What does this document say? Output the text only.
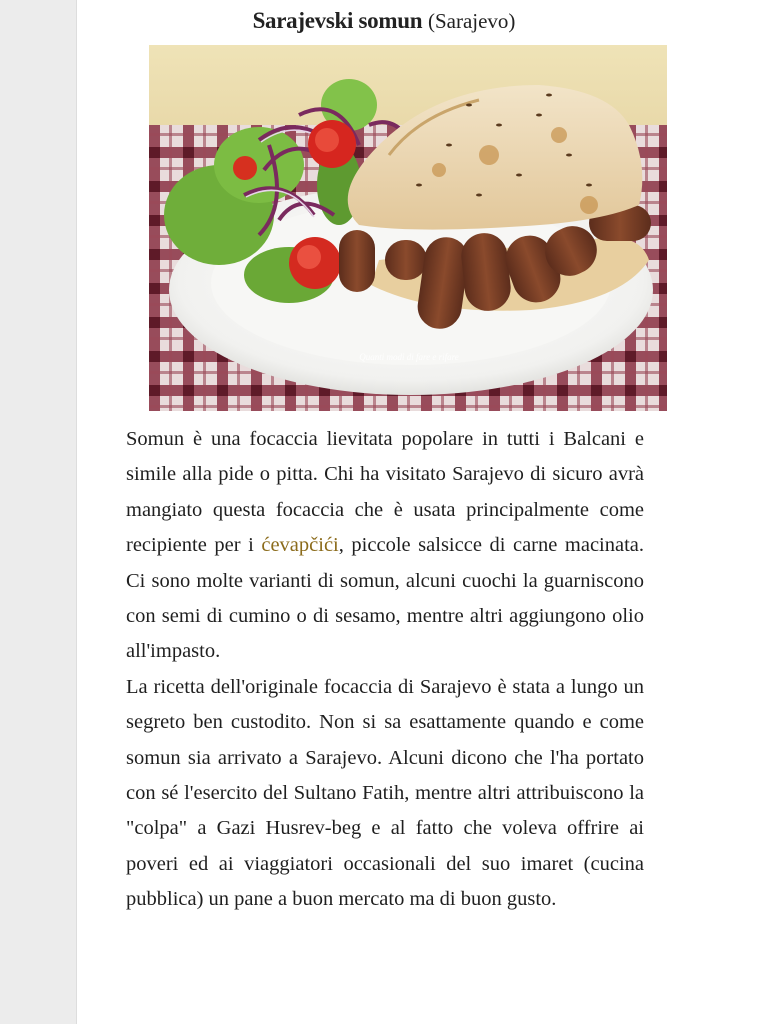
Sarajevski somun (Sarajevo)
Quanti modi di fare e rifare

Somun è una focaccia lievitata popolare in tutti i Balcani e simile alla pide o pitta. Chi ha visitato Sarajevo di sicuro avrà mangiato questa focaccia che è usata principalmente come recipiente per i ćevapčići, piccole salsicce di carne macinata. Ci sono molte varianti di somun, alcuni cuochi la guarniscono con semi di cumino o di sesamo, mentre altri aggiungono olio all'impasto.

La ricetta dell'originale focaccia di Sarajevo è stata a lungo un segreto ben custodito. Non si sa esattamente quando e come somun sia arrivato a Sarajevo. Alcuni dicono che l'ha portato con sé l'esercito del Sultano Fatih, mentre altri attribuiscono la "colpa" a Gazi Husrev-beg e al fatto che voleva offrire ai poveri ed ai viaggiatori occasionali del suo imaret (cucina pubblica) un pane a buon mercato ma di buon gusto.
